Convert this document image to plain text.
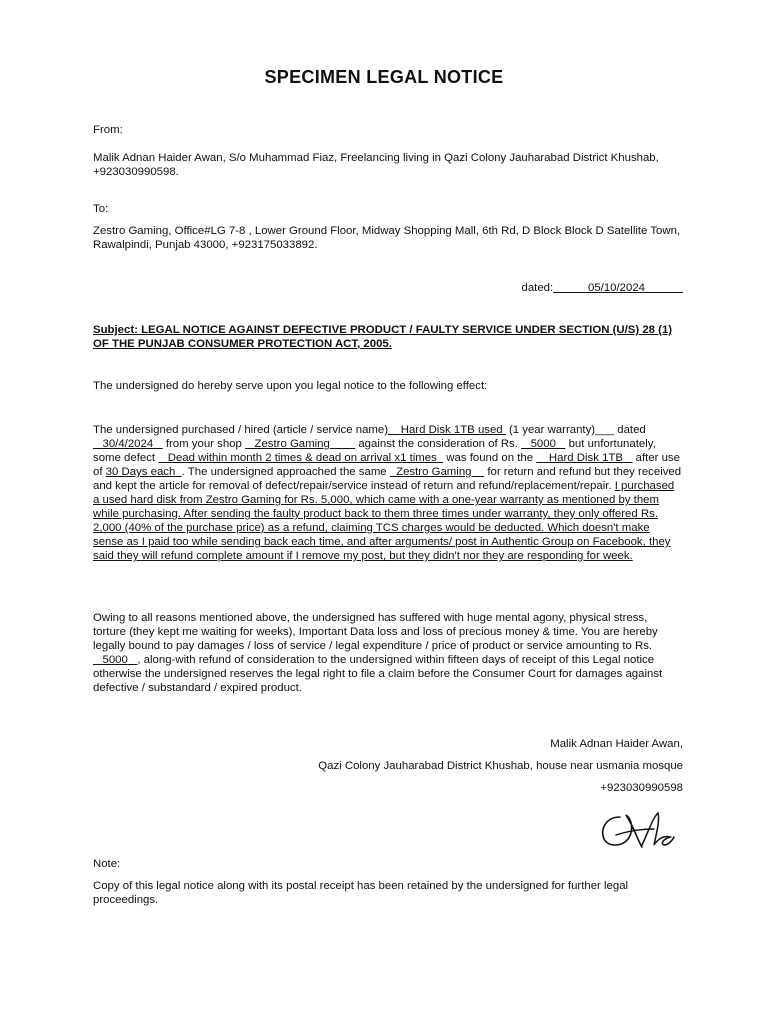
SPECIMEN LEGAL NOTICE

From:

Malik Adnan Haider Awan, S/o Muhammad Fiaz, Freelancing living in Qazi Colony Jauharabad District Khushab, +923030990598.

To:

Zestro Gaming, Office#LG 7-8 , Lower Ground Floor, Midway Shopping Mall, 6th Rd, D Block Block D Satellite Town, Rawalpindi, Punjab 43000, +923175033892.

dated:	05/10/2024
Subject: LEGAL NOTICE AGAINST DEFECTIVE PRODUCT / FAULTY SERVICE UNDER SECTION (U/S) 28 (1) OF THE PUNJAB CONSUMER PROTECTION ACT, 2005.
The undersigned do hereby serve upon you legal notice to the following effect:
The undersigned purchased / hired (article / service name) Hard Disk 1TB used  (1 year warranty)___ dated    30/4/2024    from your shop    Zestro Gaming         against the consideration of Rs.    5000    but unfortunately, some defect    Dead within month 2 times & dead on arrival x1 times   was found on the     Hard Disk 1TB    after use of 30 Days each . The undersigned approached the same   Zestro Gaming     for return and refund but they received and kept the article for removal of defect/repair/service instead of return and refund/replacement/repair. I purchased a used hard disk from Zestro Gaming for Rs. 5,000, which came with a one-year warranty as mentioned by them while purchasing. After sending the faulty product back to them three times under warranty, they only offered Rs. 2,000 (40% of the purchase price) as a refund, claiming TCS charges would be deducted. Which doesn't make sense as I paid too while sending back each time, and after arguments/ post in Authentic Group on Facebook, they said they will refund complete amount if I remove my post, but they didn't nor they are responding for week.
Owing to all reasons mentioned above, the undersigned has suffered with huge mental agony, physical stress, torture (they kept me waiting for weeks), Important Data loss and loss of precious money & time. You are hereby legally bound to pay damages / loss of service / legal expenditure / price of product or service amounting to Rs.    5000 , along-with refund of consideration to the undersigned within fifteen days of receipt of this Legal notice otherwise the undersigned reserves the legal right to file a claim before the Consumer Court for damages against defective / substandard / expired product.
Malik Adnan Haider Awan,
Qazi Colony Jauharabad District Khushab, house near usmania mosque
+923030990598

Note:

Copy of this legal notice along with its postal receipt has been retained by the undersigned for further legal proceedings.
